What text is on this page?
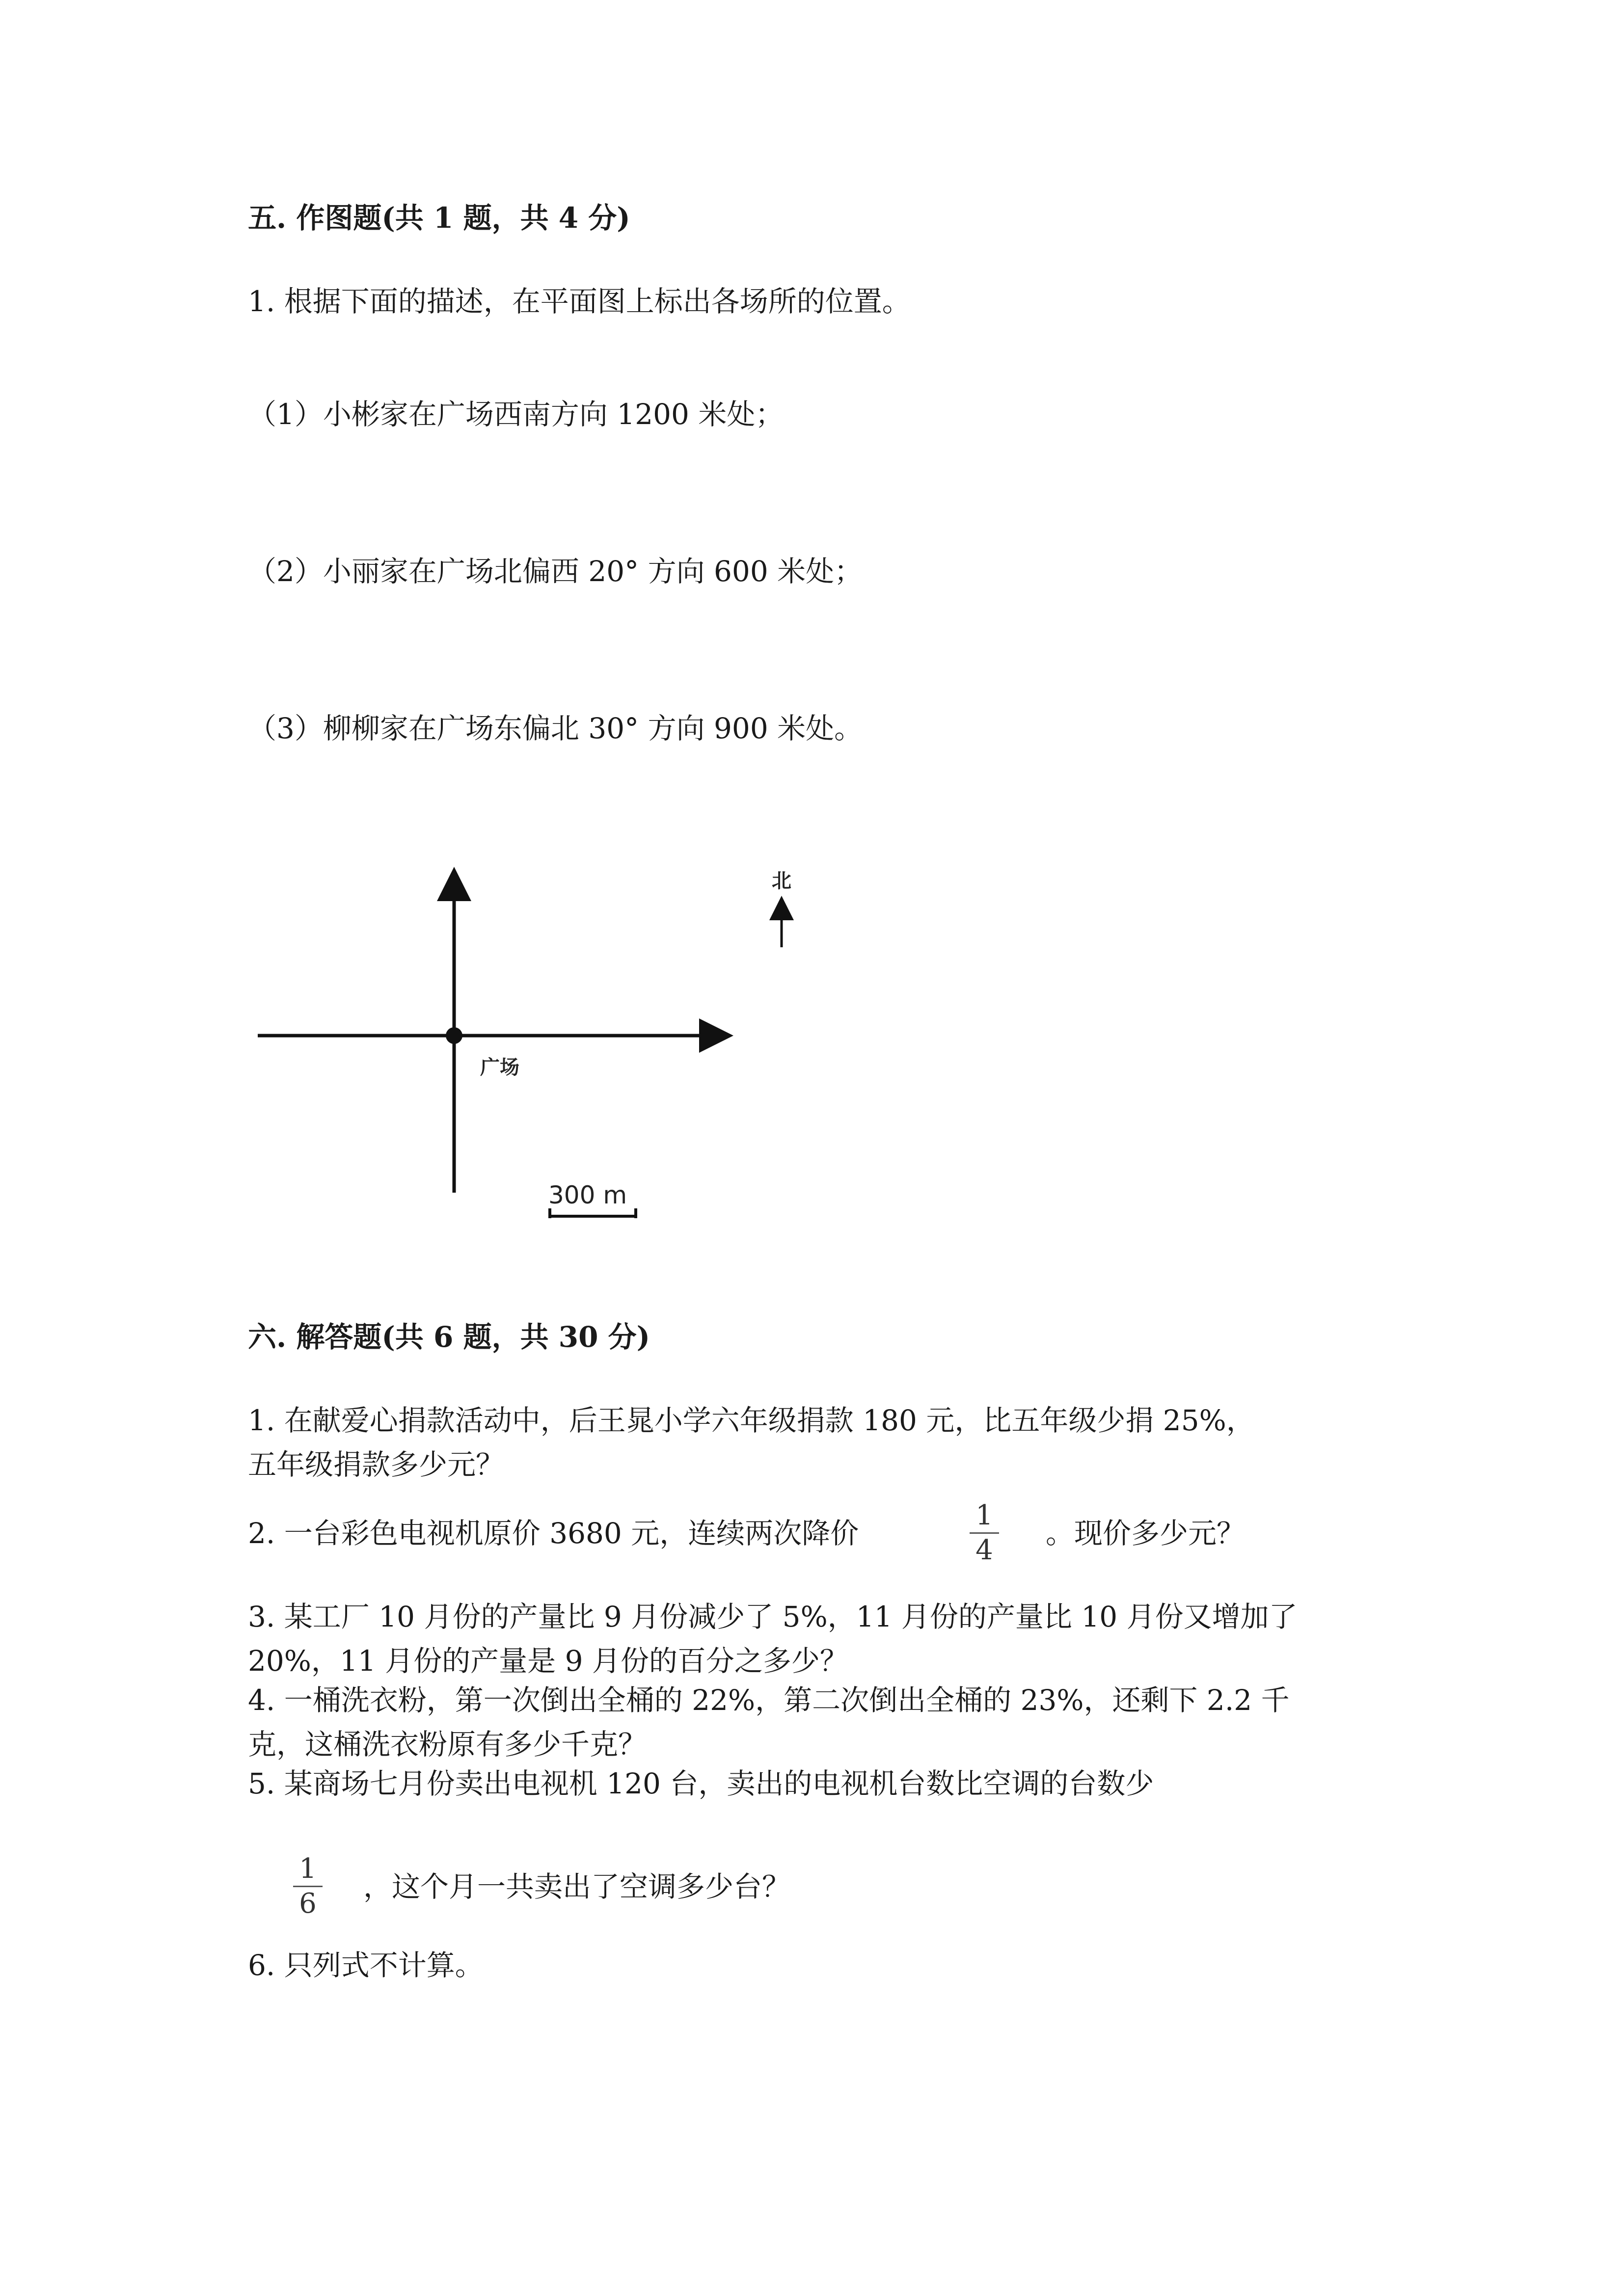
五. 作图题(共 1 题，共 4 分)
1. 根据下面的描述，在平面图上标出各场所的位置。
（1）小彬家在广场西南方向 1200 米处；
（2）小丽家在广场北偏西 20° 方向 600 米处；
（3）柳柳家在广场东偏北 30° 方向 900 米处。
广场
北
300 m
六. 解答题(共 6 题，共 30 分)
1. 在献爱心捐款活动中，后王晁小学六年级捐款 180 元，比五年级少捐 25%，
五年级捐款多少元？
2. 一台彩色电视机原价 3680 元，连续两次降价
1
4
。现价多少元？
3. 某工厂 10 月份的产量比 9 月份减少了 5%，11 月份的产量比 10 月份又增加了
20%，11 月份的产量是 9 月份的百分之多少？
4. 一桶洗衣粉，第一次倒出全桶的 22%，第二次倒出全桶的 23%，还剩下 2.2 千
克，这桶洗衣粉原有多少千克？
5. 某商场七月份卖出电视机 120 台，卖出的电视机台数比空调的台数少
1
6
，这个月一共卖出了空调多少台？
6. 只列式不计算。
